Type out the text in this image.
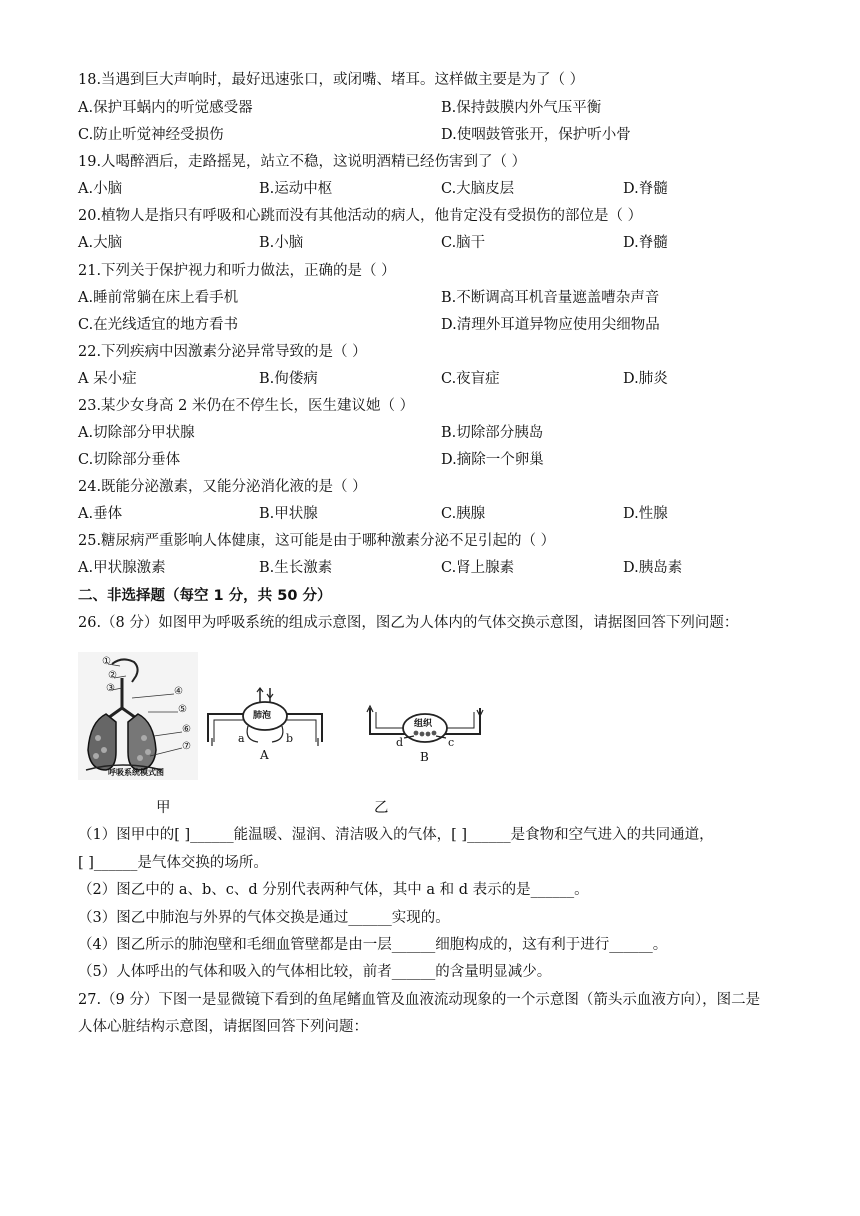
18.当遇到巨大声响时，最好迅速张口，或闭嘴、堵耳。这样做主要是为了（ ）
A.保护耳蜗内的听觉感受器	B.保持鼓膜内外气压平衡
C.防止听觉神经受损伤	D.使咽鼓管张开，保护听小骨
19.人喝醉酒后，走路摇晃，站立不稳，这说明酒精已经伤害到了（ ）
A.小脑	B.运动中枢	C.大脑皮层	D.脊髓
20.植物人是指只有呼吸和心跳而没有其他活动的病人，他肯定没有受损伤的部位是（ ）
A.大脑	B.小脑	C.脑干	D.脊髓
21.下列关于保护视力和听力做法，正确的是（ ）
A.睡前常躺在床上看手机	B.不断调高耳机音量遮盖嘈杂声音
C.在光线适宜的地方看书	D.清理外耳道异物应使用尖细物品
22.下列疾病中因激素分泌异常导致的是（ ）
A 呆小症	B.佝偻病	C.夜盲症	D.肺炎
23.某少女身高 2 米仍在不停生长，医生建议她（ ）
A.切除部分甲状腺	B.切除部分胰岛
C.切除部分垂体	D.摘除一个卵巢
24.既能分泌激素，又能分泌消化液的是（ ）
A.垂体	B.甲状腺	C.胰腺	D.性腺
25.糖尿病严重影响人体健康，这可能是由于哪种激素分泌不足引起的（ ）
A.甲状腺激素	B.生长激素	C.肾上腺素	D.胰岛素
二、非选择题（每空 1 分，共 50 分）
26.（8 分）如图甲为呼吸系统的组成示意图，图乙为人体内的气体交换示意图，请据图回答下列问题：
①
②
③	④
⑤
⑥
⑦
呼吸系统模式图
肺泡
a	b
A
组织
d	c
B
甲	乙
（1）图甲中的[ ]______能温暖、湿润、清洁吸入的气体，[ ]______是食物和空气进入的共同通道，
[ ]______是气体交换的场所。
（2）图乙中的 a、b、c、d 分别代表两种气体，其中 a 和 d 表示的是______。
（3）图乙中肺泡与外界的气体交换是通过______实现的。
（4）图乙所示的肺泡壁和毛细血管壁都是由一层______细胞构成的，这有利于进行______。
（5）人体呼出的气体和吸入的气体相比较，前者______的含量明显减少。
27.（9 分）下图一是显微镜下看到的鱼尾鳍血管及血液流动现象的一个示意图（箭头示血液方向），图二是
人体心脏结构示意图，请据图回答下列问题：
